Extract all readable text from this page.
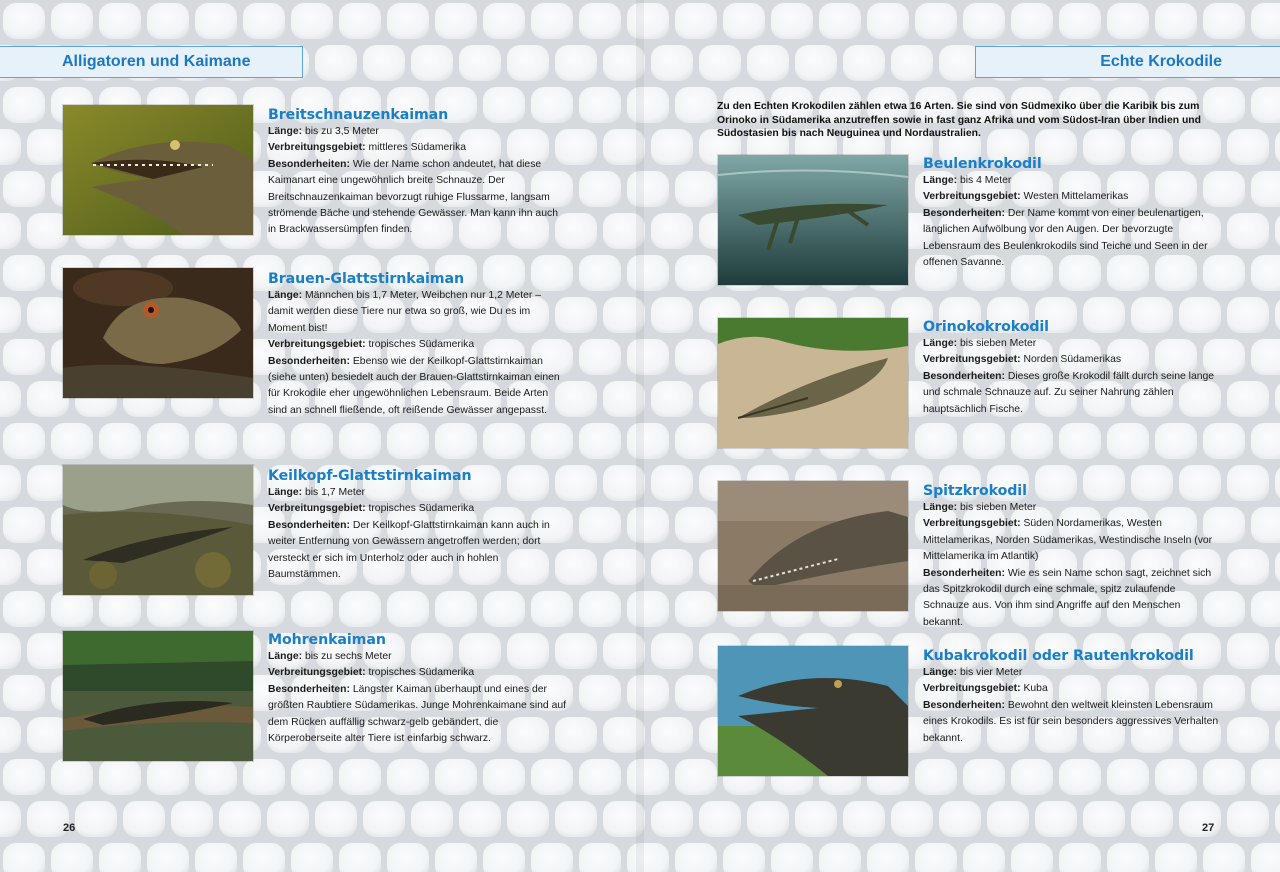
Alligatoren und Kaimane
Breitschnauzenkaiman

Länge: bis zu 3,5 Meter

Verbreitungsgebiet: mittleres Südamerika

Besonderheiten: Wie der Name schon andeutet, hat diese Kaimanart eine ungewöhnlich breite Schnauze. Der Breitschnauzenkaiman bevorzugt ruhige Flussarme, langsam strömende Bäche und stehende Gewässer. Man kann ihn auch in Brackwassersümpfen finden.

Brauen-Glattstirnkaiman

Länge: Männchen bis 1,7 Meter, Weibchen nur 1,2 Meter – damit werden diese Tiere nur etwa so groß, wie Du es im Moment bist!

Verbreitungsgebiet: tropisches Südamerika

Besonderheiten: Ebenso wie der Keilkopf-Glattstirnkaiman (siehe unten) besiedelt auch der Brauen-Glattstirnkaiman einen für Krokodile eher ungewöhnlichen Lebensraum. Beide Arten sind an schnell fließende, oft reißende Gewässer angepasst.

Keilkopf-Glattstirnkaiman

Länge: bis 1,7 Meter

Verbreitungsgebiet: tropisches Südamerika

Besonderheiten: Der Keilkopf-Glattstirnkaiman kann auch in weiter Entfernung von Gewässern angetroffen werden; dort versteckt er sich im Unterholz oder auch in hohlen Baumstämmen.

Mohrenkaiman

Länge: bis zu sechs Meter

Verbreitungsgebiet: tropisches Südamerika

Besonderheiten: Längster Kaiman überhaupt und eines der größten Raubtiere Südamerikas. Junge Mohrenkaimane sind auf dem Rücken auffällig schwarz-gelb gebändert, die Körperoberseite alter Tiere ist einfarbig schwarz.

26
Echte Krokodile
Zu den Echten Krokodilen zählen etwa 16 Arten. Sie sind von Südmexiko über die Karibik bis zum Orinoko in Südamerika anzutreffen sowie in fast ganz Afrika und vom Südost-Iran über Indien und Südostasien bis nach Neuguinea und Nordaustralien.
Beulenkrokodil

Länge: bis 4 Meter

Verbreitungsgebiet: Westen Mittelamerikas

Besonderheiten: Der Name kommt von einer beulenartigen, länglichen Aufwölbung vor den Augen. Der bevorzugte Lebensraum des Beulenkrokodils sind Teiche und Seen in der offenen Savanne.

Orinokokrokodil

Länge: bis sieben Meter

Verbreitungsgebiet: Norden Südamerikas

Besonderheiten: Dieses große Krokodil fällt durch seine lange und schmale Schnauze auf. Zu seiner Nahrung zählen hauptsächlich Fische.

Spitzkrokodil

Länge: bis sieben Meter

Verbreitungsgebiet: Süden Nordamerikas, Westen Mittelamerikas, Norden Südamerikas, Westindische Inseln (vor Mittelamerika im Atlantik)

Besonderheiten: Wie es sein Name schon sagt, zeichnet sich das Spitzkrokodil durch eine schmale, spitz zulaufende Schnauze aus. Von ihm sind Angriffe auf den Menschen bekannt.

Kubakrokodil oder Rautenkrokodil

Länge: bis vier Meter

Verbreitungsgebiet: Kuba

Besonderheiten: Bewohnt den weltweit kleinsten Lebensraum eines Krokodils. Es ist für sein besonders aggressives Verhalten bekannt.

27
